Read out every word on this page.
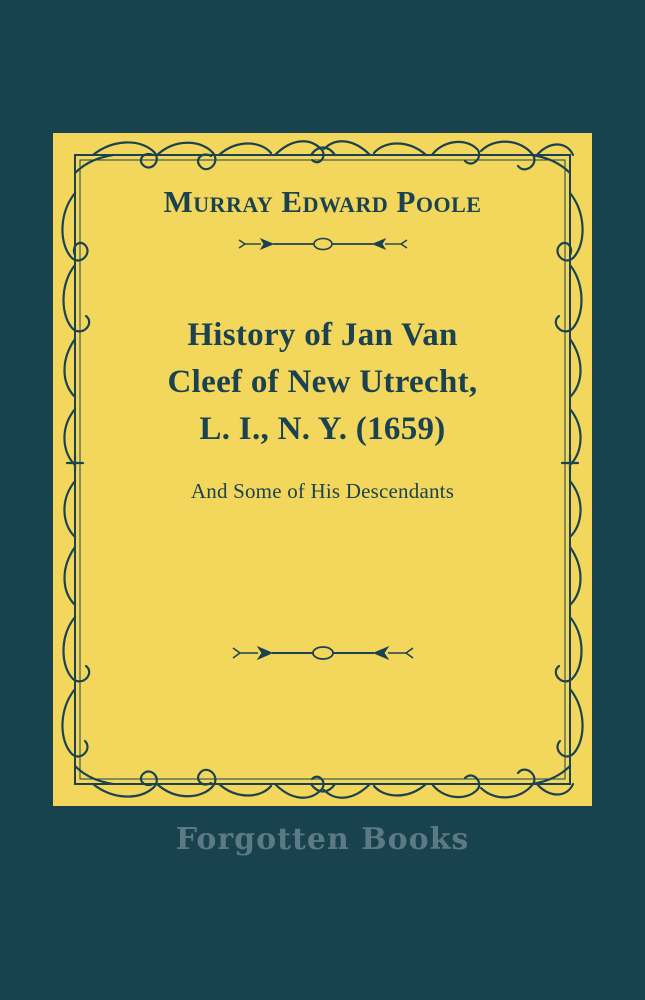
Murray Edward Poole
History of Jan Van
Cleef of New Utrecht,
L. I., N. Y. (1659)
And Some of His Descendants
Forgotten Books
